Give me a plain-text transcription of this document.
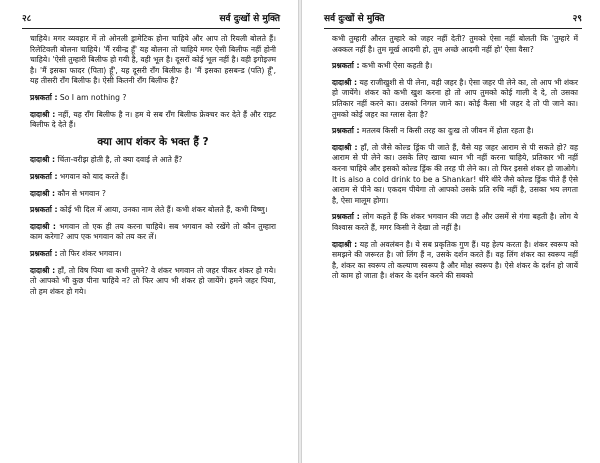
२८	सर्व दुःखों से मुक्ति

चाहिये। मगर व्यवहार में तो ओनली ड्रामेटिक होना चाहिये और आप तो रियली बोलते हैं। रिलेटिवली बोलना चाहिये। 'मैं रवीन्द्र हूँ' यह बोलना तो चाहिये मगर ऐसी बिलीफ नहीं होनी चाहिये। 'ऐसी तुम्हारी बिलीफ हो गयी है, वही भूल है। दूसरों कोई भूल नहीं है। वही इगोइज्म है। 'मैं इसका फादर (पिता) हूँ', यह दूसरी रॉंग बिलीफ है। 'मैं इसका हसबन्ड (पति) हूँ', यह तीसरी रॉंग बिलीफ है। ऐसी कितनी रॉंग बिलीफ है?

प्रश्नकर्ता : So I am nothing ?

दादाश्री : नहीं, यह रॉंग बिलीफ है न। हम ये सब रॉंग बिलीफ फ्रेक्चर कर देते हैं और राइट बिलीफ दे देते हैं।

क्या आप शंकर के भक्त हैं ?

दादाश्री : चिंता-वरीझ होती है, तो क्या दवाई ले आते हैं?

प्रश्नकर्ता : भगवान को याद करते हैं।

दादाश्री : कौन से भगवान ?

प्रश्नकर्ता : कोई भी दिल में आया, उनका नाम लेते हैं। कभी शंकर बोलते हैं, कभी विष्णु।

दादाश्री : भगवान तो एक ही तय करना चाहिये। सब भगवान को रखेंगे तो कौन तुम्हारा काम करेगा? आप एक भगवान को तय कर लें।

प्रश्नकर्ता : तो फिर शंकर भगवान।

दादाश्री : हाँ, तो विष पिया था कभी तुमने? वे शंकर भगवान तो जहर पीकर शंकर हो गये। तो आपको भी कुछ पीना चाहिये न? तो फिर आप भी शंकर हो जायेंगे। हमने जहर पिया, तो हम शंकर हो गये।

सर्व दुःखों से मुक्ति	२९

कभी तुम्हारी औरत तुम्हारे को जहर नहीं देती? तुमको ऐसा नहीं बोलती कि 'तुम्हारे में अक्कल नहीं है। तुम मूर्ख आदमी हो, तुम अच्छे आदमी नहीं हो' ऐसा वैसा?

प्रश्नकर्ता : कभी कभी ऐसा कहती है।

दादाश्री : यह राजीखुशी से पी लेना, वही जहर है। ऐसा जहर पी लेने का, तो आप भी शंकर हो जायेंगे। शंकर को कभी खुश करना हो तो आप तुमको कोई गाली दे दे, तो उसका प्रतिकार नहीं करने का। उसको निगल जाने का। कोई कैसा भी जहर दे तो पी जाने का। तुमको कोई जहर का ग्लास देता है?

प्रश्नकर्ता : मतलब किसी न किसी तरह का दुःख तो जीवन में होता रहता है।

दादाश्री : हाँ, तो जैसे कोल्ड ड्रिंक पी जाते हैं, वैसे यह जहर आराम से पी सकते हो? वह आराम से पी लेने का। उसके लिए खाया ध्यान भी नहीं करना चाहिये, प्रतिकार भी नहीं करना चाहिये और इसको कोल्ड ड्रिंक की तरह पी लेने का। तो फिर इससे शंकर हो जाओगे। It is also a cold drink to be a Shankar! थीरे थीरे जैसे कोल्ड ड्रिंक पीते हैं ऐसे आराम से पीने का। एकदम पीयेगा तो आपको उसके प्रति रुचि नहीं है, उसका भय लगता है, ऐसा मालूम होगा।

प्रश्नकर्ता : लोग कहते हैं कि शंकर भगवान की जटा है और उसमें से गंगा बहती है। लोग ये विश्वास करते हैं, मगर किसी ने देखा तो नहीं है।

दादाश्री : यह तो अवलंबन है। ये सब प्रकृतिक गुण हैं। यह हेल्प करता है। शंकर स्वरूप को समझने की जरूरत है। जो लिंग हैं न, उसके दर्शन करते हैं। वह लिंग शंकर का स्वरूप नहीं है, शंकर का स्वरूप तो कल्याण स्वरूप है और मोक्ष स्वरूप है। ऐसे शंकर के दर्शन हो जायें तो काम हो जाता है। शंकर के दर्शन करने की सबको
